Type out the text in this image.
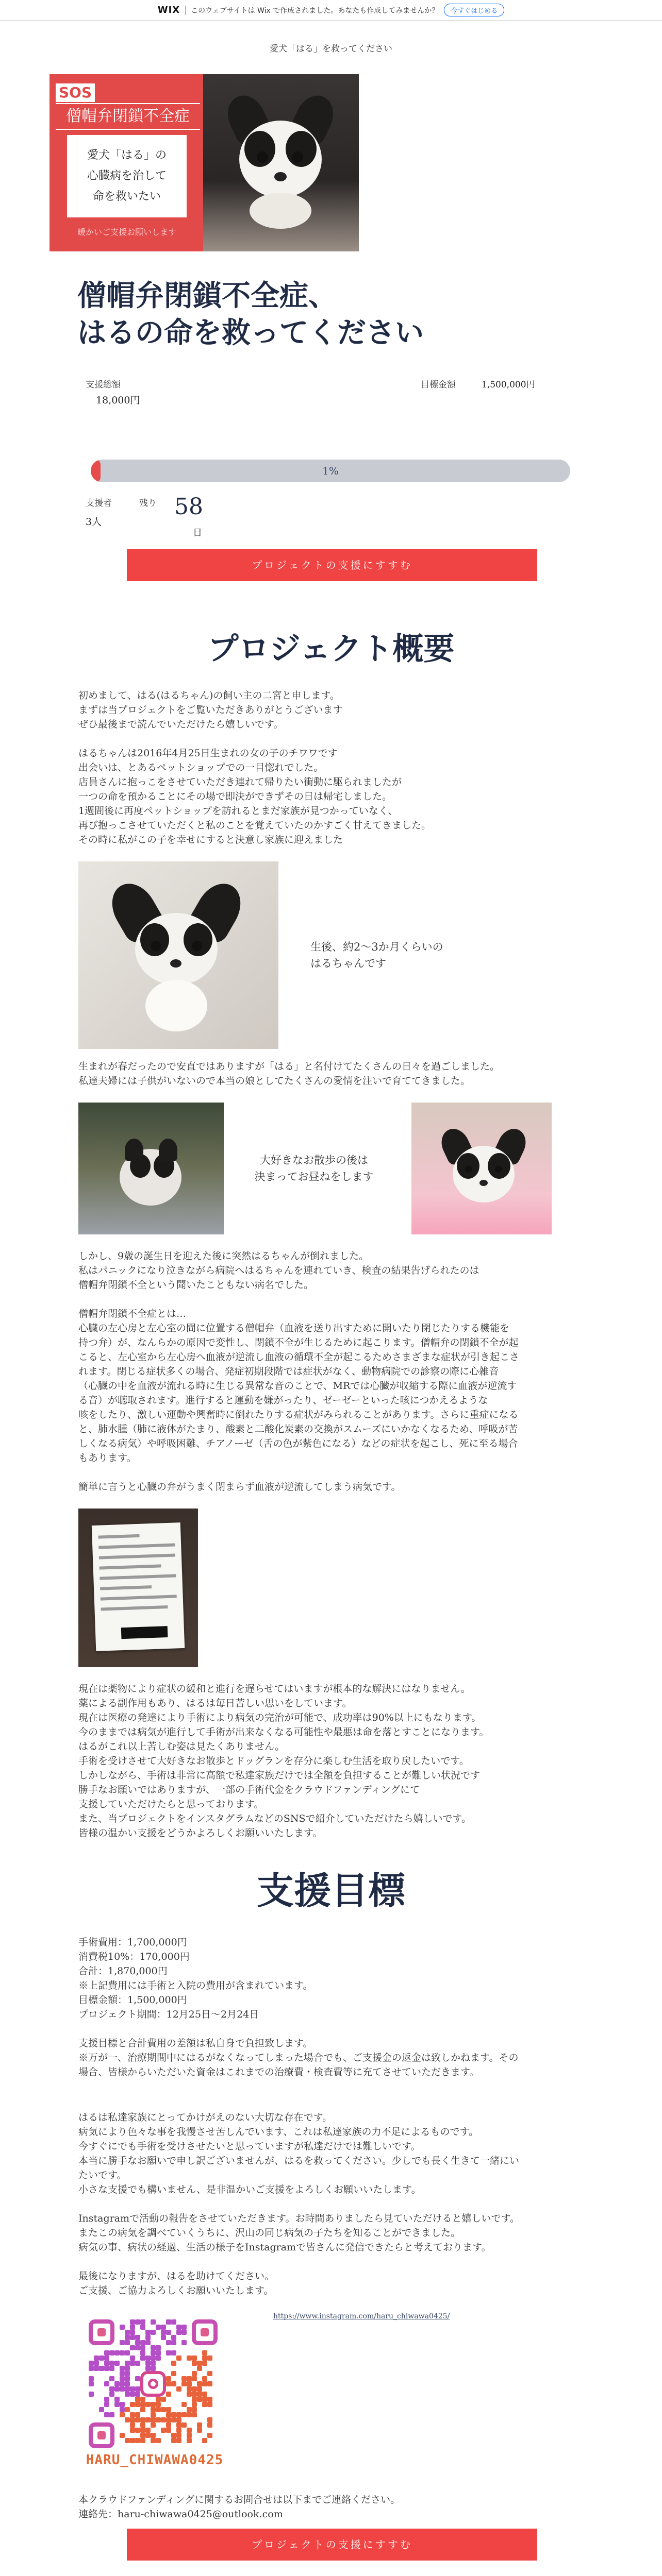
WIX このウェブサイトは Wix で作成されました。あなたも作成してみませんか？	今すぐはじめる
愛犬「はる」を救ってください
SOS
僧帽弁閉鎖不全症
愛犬「はる」の
心臓病を治して
命を救いたい
暖かいご支援お願いします
僧帽弁閉鎖不全症、
はるの命を救ってください
支援総額
18,000円
目標金額	1,500,000円
1%
支援者	残り
3人
58
日
プロジェクトの支援にすすむ
プロジェクト概要
初めまして、はる(はるちゃん)の飼い主の二宮と申します。
まずは当プロジェクトをご覧いただきありがとうございます
ぜひ最後まで読んでいただけたら嬉しいです。
はるちゃんは2016年4月25日生まれの女の子のチワワです
出会いは、とあるペットショップでの一目惚れでした。
店員さんに抱っこをさせていただき連れて帰りたい衝動に駆られましたが
一つの命を預かることにその場で即決ができずその日は帰宅しました。
1週間後に再度ペットショップを訪れるとまだ家族が見つかっていなく、
再び抱っこさせていただくと私のことを覚えていたのかすごく甘えてきました。
その時に私がこの子を幸せにすると決意し家族に迎えました
生後、約2〜3か月くらいの
はるちゃんです
生まれが春だったので安直ではありますが「はる」と名付けてたくさんの日々を過ごしました。
私達夫婦には子供がいないので本当の娘としてたくさんの愛情を注いで育ててきました。
大好きなお散歩の後は
決まってお昼ねをします
しかし、9歳の誕生日を迎えた後に突然はるちゃんが倒れました。
私はパニックになり泣きながら病院へはるちゃんを連れていき、検査の結果告げられたのは
僧帽弁閉鎖不全という聞いたこともない病名でした。
僧帽弁閉鎖不全症とは…
心臓の左心房と左心室の間に位置する僧帽弁（血液を送り出すために開いたり閉じたりする機能を
持つ弁）が、なんらかの原因で変性し、閉鎖不全が生じるために起こります。僧帽弁の閉鎖不全が起
こると、左心室から左心房へ血液が逆流し血液の循環不全が起こるためさまざまな症状が引き起こさ
れます。閉じる症状多くの場合、発症初期段階では症状がなく、動物病院での診察の際に心雑音
（心臓の中を血液が流れる時に生じる異常な音のことで、MRでは心臓が収縮する際に血液が逆流す
る音）が聴取されます。進行すると運動を嫌がったり、ゼーゼーといった咳につかえるような
咳をしたり、激しい運動や興奮時に倒れたりする症状がみられることがあります。さらに重症になる
と、肺水腫（肺に液体がたまり、酸素と二酸化炭素の交換がスムーズにいかなくなるため、呼吸が苦
しくなる病気）や呼吸困難、チアノーゼ（舌の色が紫色になる）などの症状を起こし、死に至る場合
もあります。
簡単に言うと心臓の弁がうまく閉まらず血液が逆流してしまう病気です。
現在は薬物により症状の緩和と進行を遅らせてはいますが根本的な解決にはなりません。
薬による副作用もあり、はるは毎日苦しい思いをしています。
現在は医療の発達により手術により病気の完治が可能で、成功率は90%以上にもなります。
今のままでは病気が進行して手術が出来なくなる可能性や最悪は命を落とすことになります。
はるがこれ以上苦しむ姿は見たくありません。
手術を受けさせて大好きなお散歩とドッグランを存分に楽しむ生活を取り戻したいです。
しかしながら、手術は非常に高額で私達家族だけでは全額を負担することが難しい状況です
勝手なお願いではありますが、一部の手術代金をクラウドファンディングにて
支援していただけたらと思っております。
また、当プロジェクトをインスタグラムなどのSNSで紹介していただけたら嬉しいです。
皆様の温かい支援をどうかよろしくお願いいたします。
支援目標
手術費用：1,700,000円
消費税10%：170,000円
合計：1,870,000円
※上記費用には手術と入院の費用が含まれています。
目標金額：1,500,000円
プロジェクト期間：12月25日〜2月24日
支援目標と合計費用の差額は私自身で負担致します。
※万が一、治療期間中にはるがなくなってしまった場合でも、ご支援金の返金は致しかねます。その
場合、皆様からいただいた資金はこれまでの治療費・検査費等に充てさせていただきます。
はるは私達家族にとってかけがえのない大切な存在です。
病気により色々な事を我慢させ苦しんでいます、これは私達家族の力不足によるものです。
今すぐにでも手術を受けさせたいと思っていますが私達だけでは難しいです。
本当に勝手なお願いで申し訳ございませんが、はるを救ってください。少しでも長く生きて一緒にい
たいです。
小さな支援でも構いません、是非温かいご支援をよろしくお願いいたします。
Instagramで活動の報告をさせていただきます。お時間ありましたら見ていただけると嬉しいです。
またこの病気を調べていくうちに、沢山の同じ病気の子たちを知ることができました。
病気の事、病状の経過、生活の様子をInstagramで皆さんに発信できたらと考えております。
最後になりますが、はるを助けてください。
ご支援、ご協力よろしくお願いいたします。
HARU_CHIWAWA0425
https://www.instagram.com/haru_chiwawa0425/
本クラウドファンディングに関するお問合せは以下までご連絡ください。
連絡先：haru-chiwawa0425@outlook.com
プロジェクトの支援にすすむ
